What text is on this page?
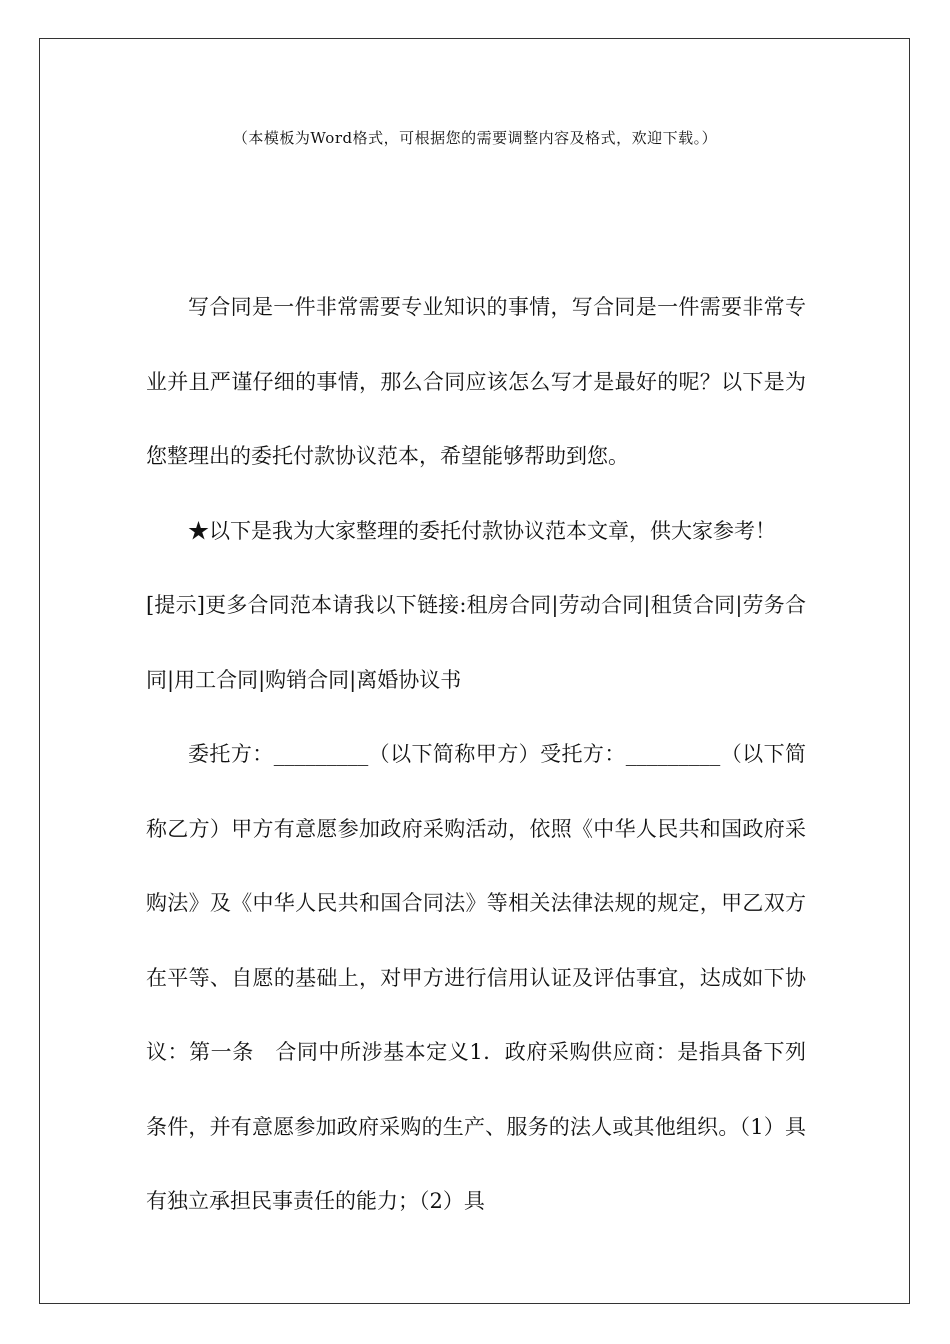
（本模板为Word格式，可根据您的需要调整内容及格式，欢迎下载。）

写合同是一件非常需要专业知识的事情，写合同是一件需要非常专业并且严谨仔细的事情，那么合同应该怎么写才是最好的呢？以下是为您整理出的委托付款协议范本，希望能够帮助到您。

★以下是我为大家整理的委托付款协议范本文章，供大家参考！

[提示]更多合同范本请我以下链接:租房合同|劳动合同|租赁合同|劳务合同|用工合同|购销合同|离婚协议书

委托方：_________（以下简称甲方）受托方：_________（以下简称乙方）甲方有意愿参加政府采购活动，依照《中华人民共和国政府采购法》及《中华人民共和国合同法》等相关法律法规的规定，甲乙双方在平等、自愿的基础上，对甲方进行信用认证及评估事宜，达成如下协议：第一条　合同中所涉基本定义1．政府采购供应商：是指具备下列条件，并有意愿参加政府采购的生产、服务的法人或其他组织。（1）具有独立承担民事责任的能力；（2）具
